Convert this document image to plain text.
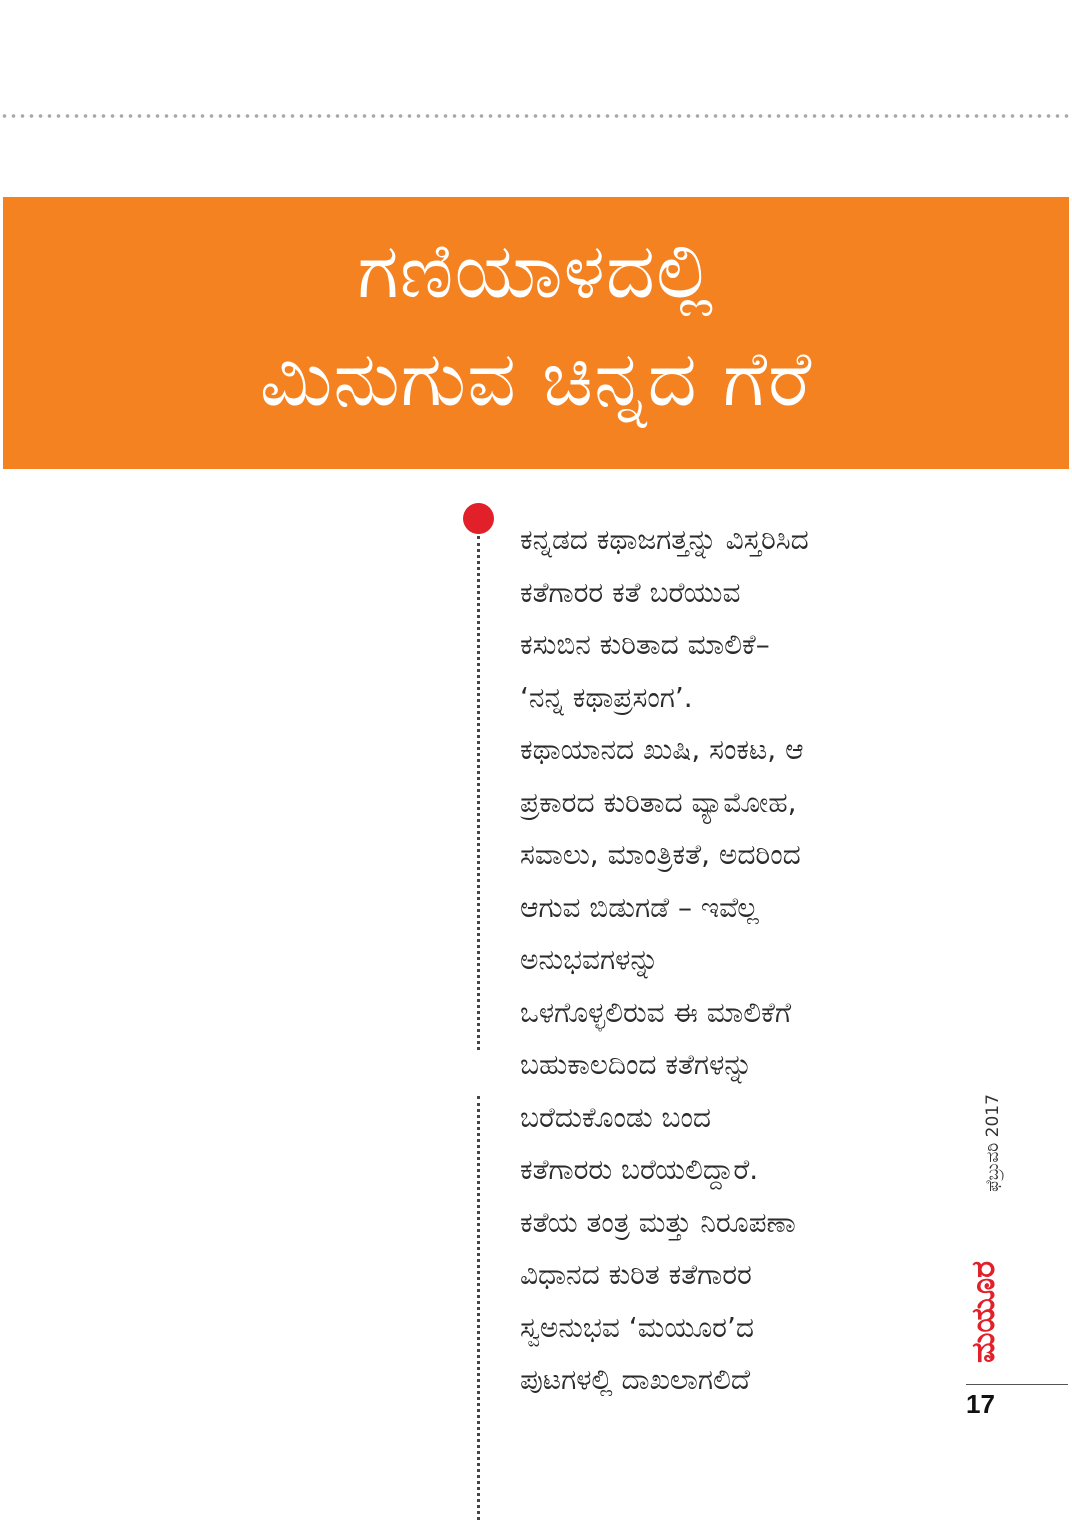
ಗಣಿಯಾಳದಲ್ಲಿ
ಮಿನುಗುವ ಚಿನ್ನದ ಗೆರೆ
ಕನ್ನಡದ ಕಥಾಜಗತ್ತನ್ನು ವಿಸ್ತರಿಸಿದ
ಕತೆಗಾರರ ಕತೆ ಬರೆಯುವ
ಕಸುಬಿನ ಕುರಿತಾದ ಮಾಲಿಕೆ–
‘ನನ್ನ ಕಥಾಪ್ರಸಂಗ’.
ಕಥಾಯಾನದ ಖುಷಿ, ಸಂಕಟ, ಆ
ಪ್ರಕಾರದ ಕುರಿತಾದ ವ್ಯಾಮೋಹ,
ಸವಾಲು, ಮಾಂತ್ರಿಕತೆ, ಅದರಿಂದ
ಆಗುವ ಬಿಡುಗಡೆ – ಇವೆಲ್ಲ
ಅನುಭವಗಳನ್ನು
ಒಳಗೊಳ್ಳಲಿರುವ ಈ ಮಾಲಿಕೆಗೆ
ಬಹುಕಾಲದಿಂದ ಕತೆಗಳನ್ನು
ಬರೆದುಕೊಂಡು ಬಂದ
ಕತೆಗಾರರು ಬರೆಯಲಿದ್ದಾರೆ.
ಕತೆಯ ತಂತ್ರ ಮತ್ತು ನಿರೂಪಣಾ
ವಿಧಾನದ ಕುರಿತ ಕತೆಗಾರರ
ಸ್ವಅನುಭವ ‘ಮಯೂರ’ದ
ಪುಟಗಳಲ್ಲಿ ದಾಖಲಾಗಲಿದೆ
ಫೆಬ್ರುವರಿ 2017
ಮಯೂರ
17
